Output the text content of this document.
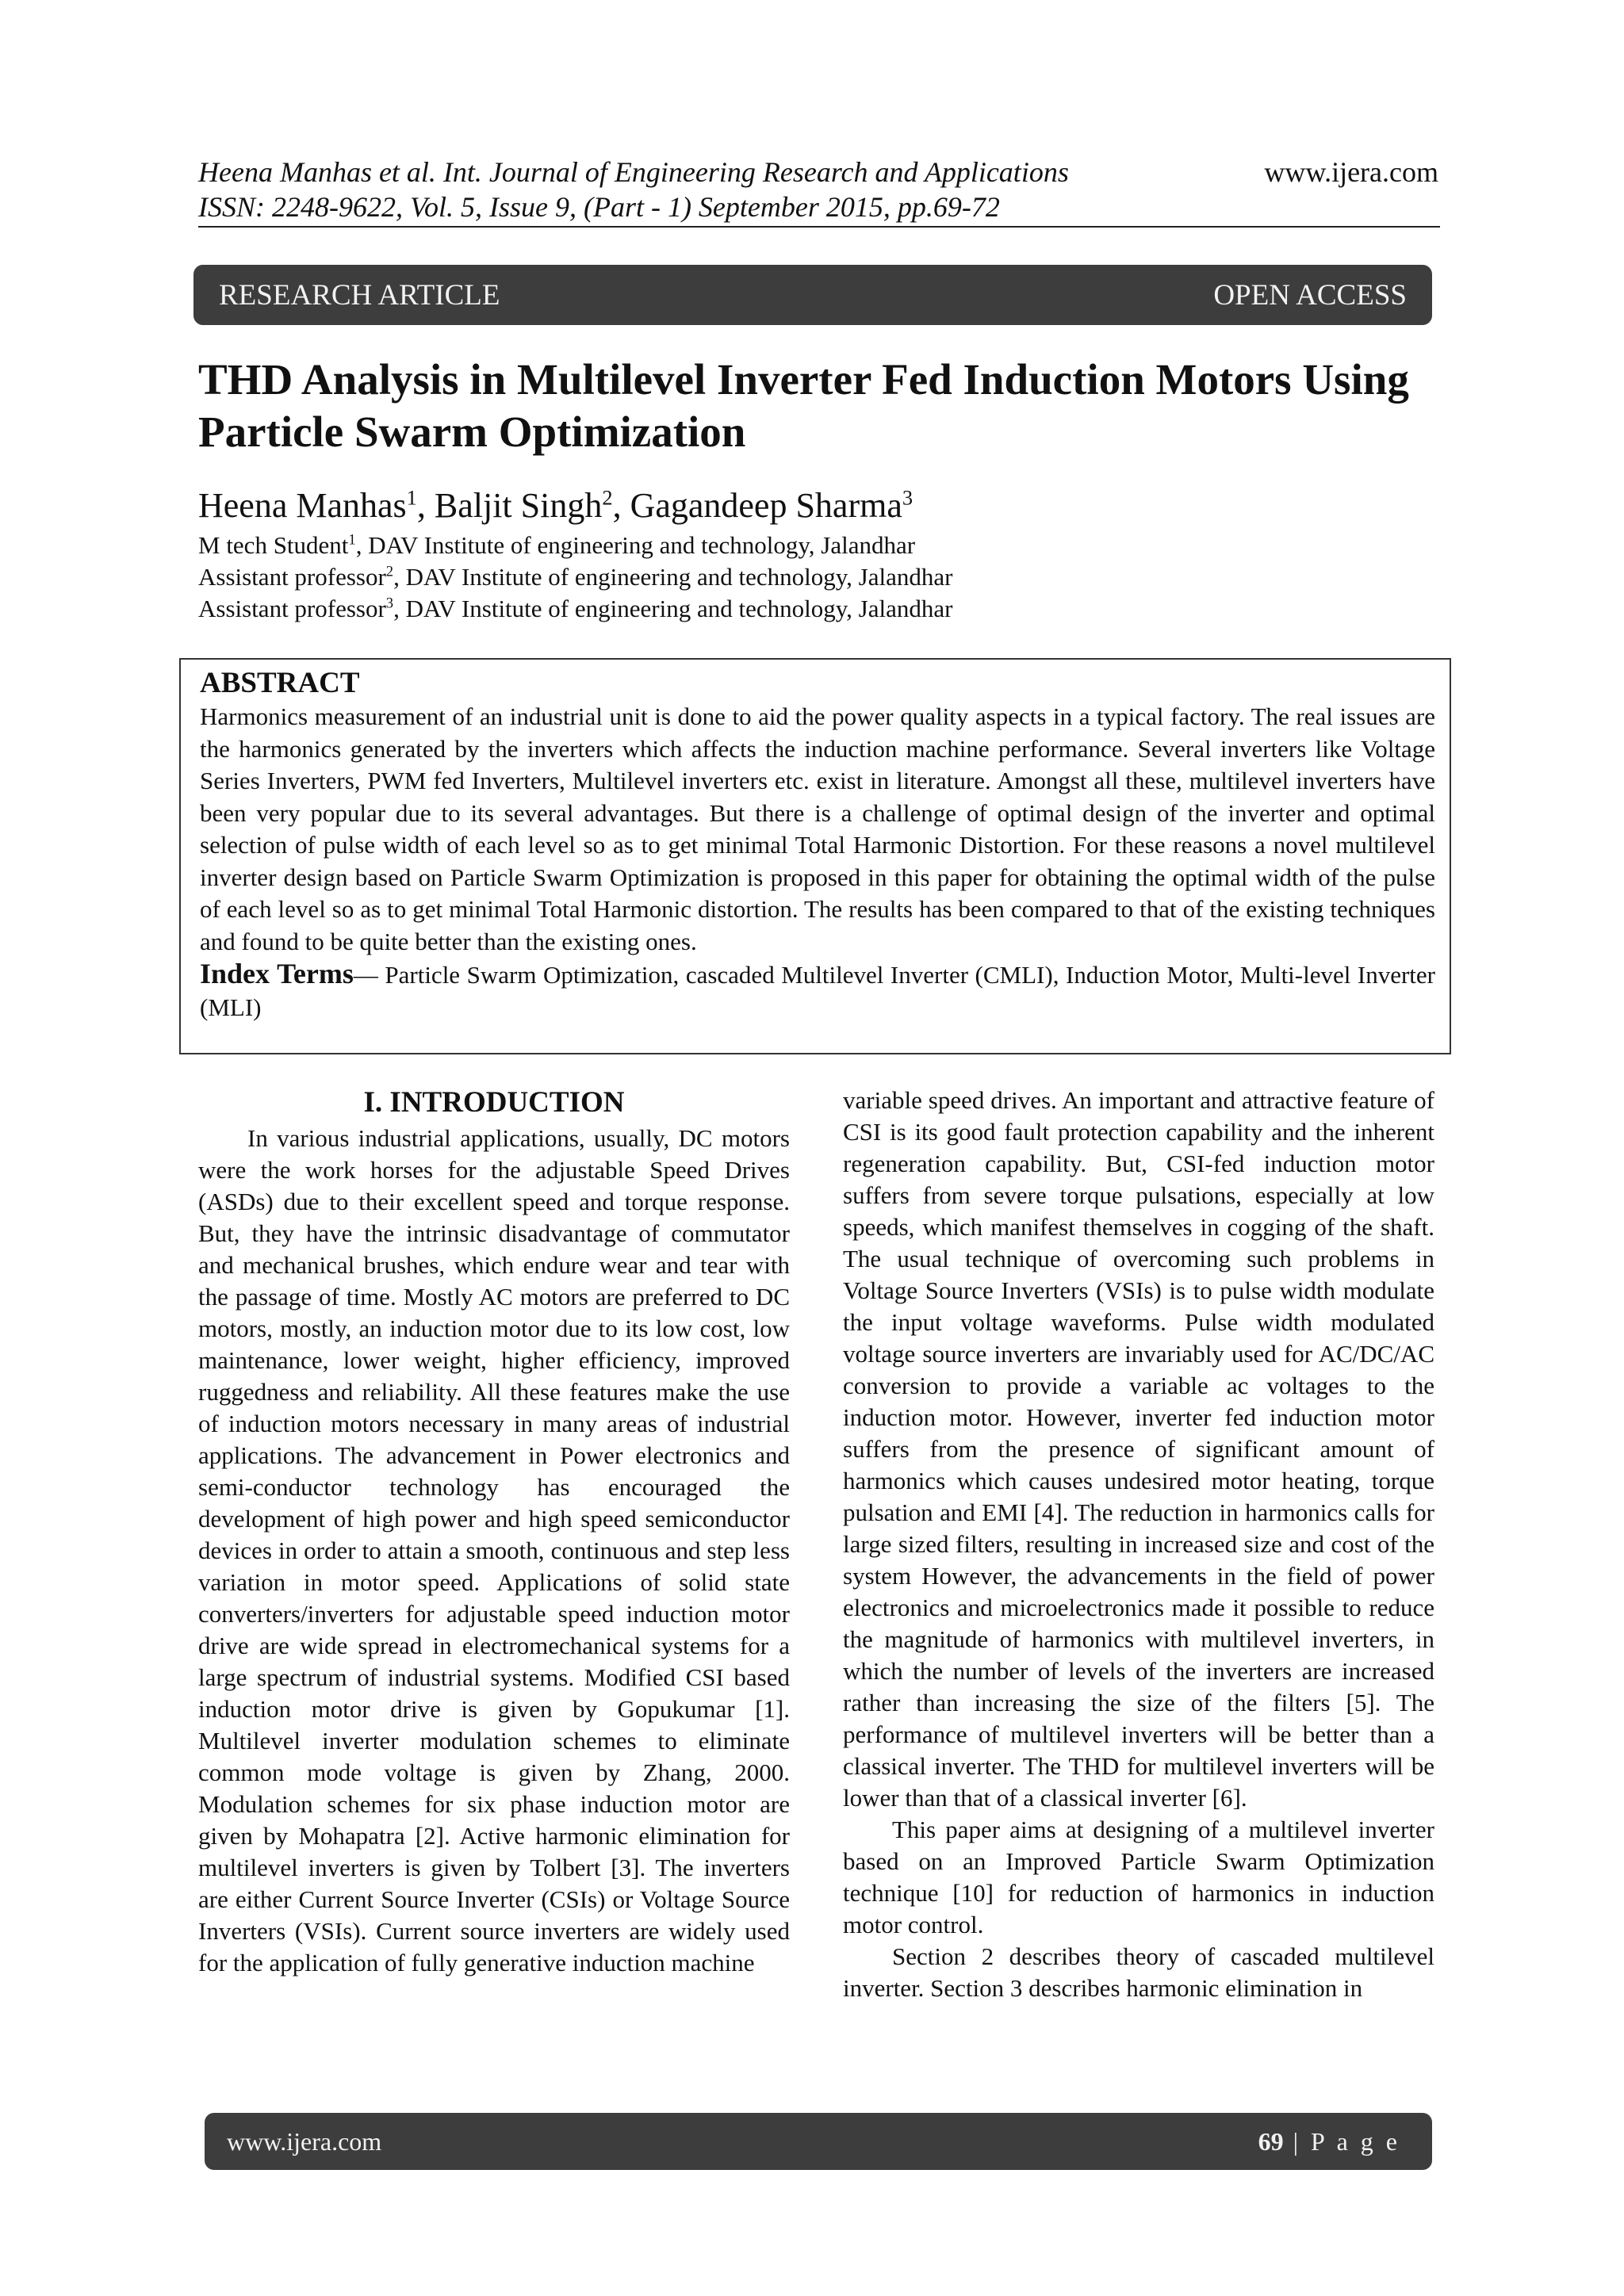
Heena Manhas et al. Int. Journal of Engineering Research and Applications	www.ijera.com
ISSN: 2248-9622, Vol. 5, Issue 9, (Part - 1) September 2015, pp.69-72
RESEARCH ARTICLE	OPEN ACCESS
THD Analysis in Multilevel Inverter Fed Induction Motors Using Particle Swarm Optimization
Heena Manhas$^1$, Baljit Singh$^2$, Gagandeep Sharma$^3$
M tech Student$^1$, DAV Institute of engineering and technology, Jalandhar
Assistant professor$^2$, DAV Institute of engineering and technology, Jalandhar
Assistant professor$^3$, DAV Institute of engineering and technology, Jalandhar
ABSTRACT

Harmonics measurement of an industrial unit is done to aid the power quality aspects in a typical factory. The real issues are the harmonics generated by the inverters which affects the induction machine performance. Several inverters like Voltage Series Inverters, PWM fed Inverters, Multilevel inverters etc. exist in literature. Amongst all these, multilevel inverters have been very popular due to its several advantages. But there is a challenge of optimal design of the inverter and optimal selection of pulse width of each level so as to get minimal Total Harmonic Distortion. For these reasons a novel multilevel inverter design based on Particle Swarm Optimization is proposed in this paper for obtaining the optimal width of the pulse of each level so as to get minimal Total Harmonic distortion. The results has been compared to that of the existing techniques and found to be quite better than the existing ones.

Index Terms— Particle Swarm Optimization, cascaded Multilevel Inverter (CMLI), Induction Motor, Multi-level Inverter (MLI)

I. INTRODUCTION

In various industrial applications, usually, DC motors were the work horses for the adjustable Speed Drives (ASDs) due to their excellent speed and torque response. But, they have the intrinsic disadvantage of commutator and mechanical brushes, which endure wear and tear with the passage of time. Mostly AC motors are preferred to DC motors, mostly, an induction motor due to its low cost, low maintenance, lower weight, higher efficiency, improved ruggedness and reliability. All these features make the use of induction motors necessary in many areas of industrial applications. The advancement in Power electronics and semi-conductor technology has encouraged the development of high power and high speed semiconductor devices in order to attain a smooth, continuous and step less variation in motor speed. Applications of solid state converters/inverters for adjustable speed induction motor drive are wide spread in electromechanical systems for a large spectrum of industrial systems. Modified CSI based induction motor drive is given by Gopukumar [1]. Multilevel inverter modulation schemes to eliminate common mode voltage is given by Zhang, 2000. Modulation schemes for six phase induction motor are given by Mohapatra [2]. Active harmonic elimination for multilevel inverters is given by Tolbert [3]. The inverters are either Current Source Inverter (CSIs) or Voltage Source Inverters (VSIs). Current source inverters are widely used for the application of fully generative induction machine

variable speed drives. An important and attractive feature of CSI is its good fault protection capability and the inherent regeneration capability. But, CSI-fed induction motor suffers from severe torque pulsations, especially at low speeds, which manifest themselves in cogging of the shaft. The usual technique of overcoming such problems in Voltage Source Inverters (VSIs) is to pulse width modulate the input voltage waveforms. Pulse width modulated voltage source inverters are invariably used for AC/DC/AC conversion to provide a variable ac voltages to the induction motor. However, inverter fed induction motor suffers from the presence of significant amount of harmonics which causes undesired motor heating, torque pulsation and EMI [4]. The reduction in harmonics calls for large sized filters, resulting in increased size and cost of the system However, the advancements in the field of power electronics and microelectronics made it possible to reduce the magnitude of harmonics with multilevel inverters, in which the number of levels of the inverters are increased rather than increasing the size of the filters [5]. The performance of multilevel inverters will be better than a classical inverter. The THD for multilevel inverters will be lower than that of a classical inverter [6].

This paper aims at designing of a multilevel inverter based on an Improved Particle Swarm Optimization technique [10] for reduction of harmonics in induction motor control.

Section 2 describes theory of cascaded multilevel inverter. Section 3 describes harmonic elimination in

www.ijera.com	69 | P a g e
